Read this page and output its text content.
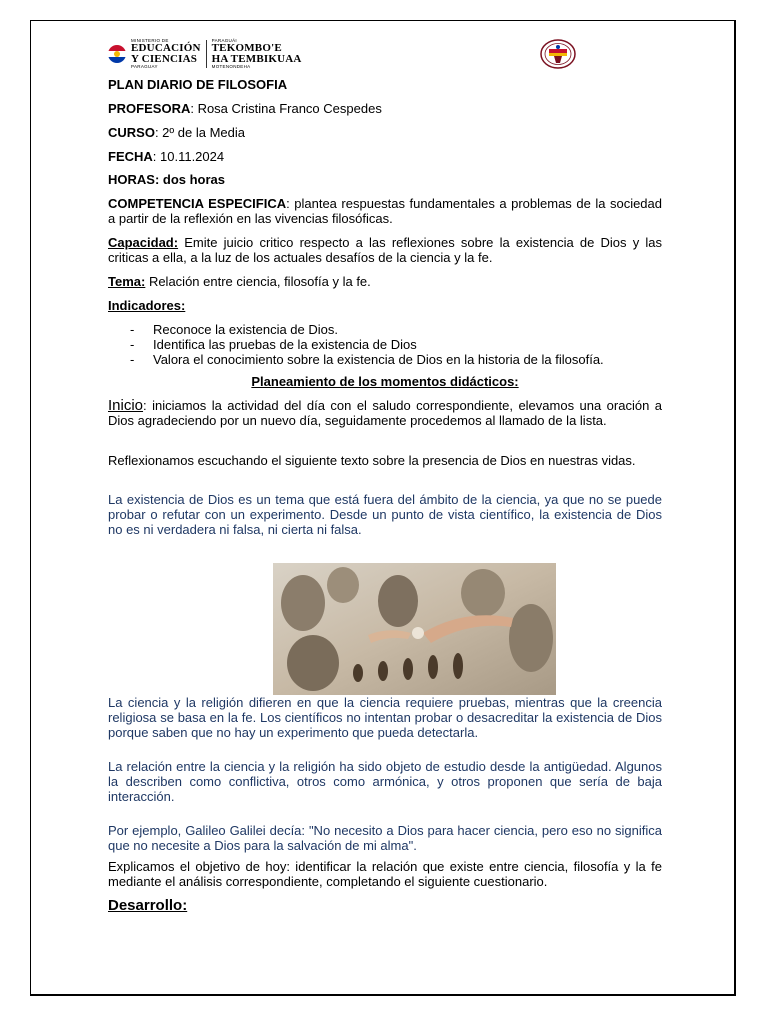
MINISTERIO DE
EDUCACIÓN
Y CIENCIAS
PARAGUAY
PARAGUÁI
TEKOMBO'E
HA TEMBIKUAA
MOTENONDEHA

PLAN DIARIO DE FILOSOFIA

PROFESORA: Rosa Cristina Franco Cespedes

CURSO: 2º de la Media

FECHA: 10.11.2024

HORAS: dos horas

COMPETENCIA ESPECIFICA: plantea respuestas fundamentales a problemas de la sociedad a partir de la reflexión en las vivencias filosóficas.

Capacidad: Emite juicio critico respecto a las reflexiones sobre la existencia de Dios y las criticas a ella, a la luz de los actuales desafíos de la ciencia y la fe.

Tema: Relación entre ciencia, filosofía y la fe.

Indicadores:

- Reconoce la existencia de Dios.
- Identifica las pruebas de la existencia de Dios
- Valora el conocimiento sobre la existencia de Dios en la historia de la filosofía.

Planeamiento de los momentos didácticos:

Inicio: iniciamos la actividad del día con el saludo correspondiente, elevamos una oración a Dios agradeciendo por un nuevo día, seguidamente procedemos al llamado de la lista.

Reflexionamos escuchando el siguiente texto sobre la presencia de Dios en nuestras vidas.

La existencia de Dios es un tema que está fuera del ámbito de la ciencia, ya que no se puede probar o refutar con un experimento. Desde un punto de vista científico, la existencia de Dios no es ni verdadera ni falsa, ni cierta ni falsa.

La ciencia y la religión difieren en que la ciencia requiere pruebas, mientras que la creencia religiosa se basa en la fe. Los científicos no intentan probar o desacreditar la existencia de Dios porque saben que no hay un experimento que pueda detectarla.

La relación entre la ciencia y la religión ha sido objeto de estudio desde la antigüedad. Algunos la describen como conflictiva, otros como armónica, y otros proponen que sería de baja interacción.

Por ejemplo, Galileo Galilei decía: "No necesito a Dios para hacer ciencia, pero eso no significa que no necesite a Dios para la salvación de mi alma".

Explicamos el objetivo de hoy: identificar la relación que existe entre ciencia, filosofía y la fe mediante el análisis correspondiente, completando el siguiente cuestionario.

Desarrollo:
